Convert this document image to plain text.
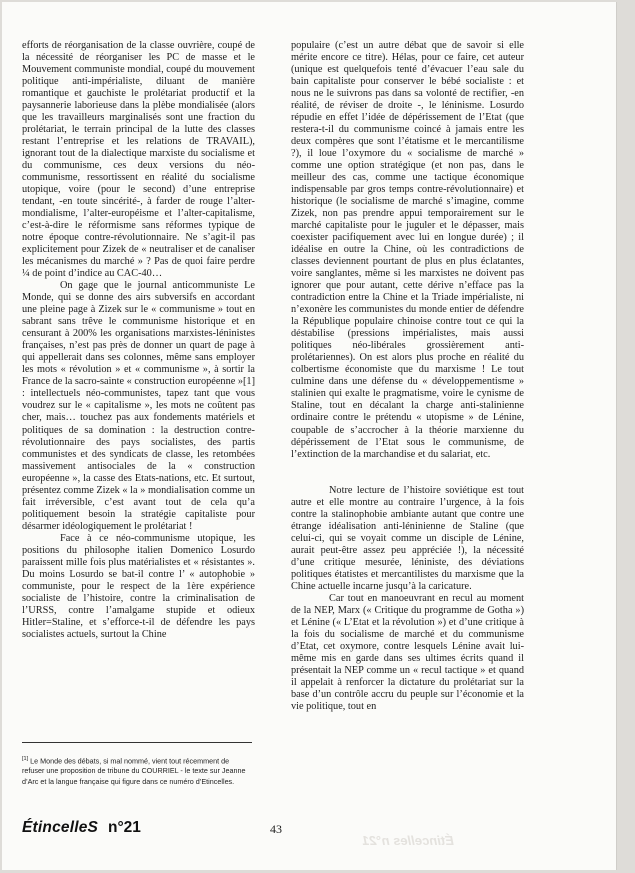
efforts de réorganisation de la classe ouvrière, coupé de la nécessité de réorganiser les PC de masse et le Mouvement communiste mondial, coupé du mouvement politique anti-impérialiste, diluant de manière romantique et gauchiste le prolétariat productif et la paysannerie laborieuse dans la plèbe mondialisée (alors que les travailleurs marginalisés sont une fraction du prolétariat, le terrain principal de la lutte des classes restant l’entreprise et les relations de TRAVAIL), ignorant tout de la dialectique marxiste du socialisme et du communisme, ces deux versions du néo-communisme, ressortissent en réalité du socialisme utopique, voire (pour le second) d’une entreprise tendant, -en toute sincérité-, à farder de rouge l’alter-mondialisme, l’alter-européisme et l’alter-capitalisme, c’est-à-dire le réformisme sans réformes typique de notre époque contre-révolutionnaire. Ne s’agit-il pas explicitement pour Zizek de « neutraliser et de canaliser les mécanismes du marché » ? Pas de quoi faire perdre ¼ de point d’indice au CAC-40…

On gage que le journal anticommuniste Le Monde, qui se donne des airs subversifs en accordant une pleine page à Zizek sur le « communisme » tout en sabrant sans trêve le communisme historique et en censurant à 200% les organisations marxistes-léninistes françaises, n’est pas près de donner un quart de page à qui appellerait dans ses colonnes, même sans employer les mots « révolution » et « communisme », à sortir la France de la sacro-sainte « construction européenne »[1] : intellectuels néo-communistes, tapez tant que vous voudrez sur le « capitalisme », les mots ne coûtent pas cher, mais… touchez pas aux fondements matériels et politiques de sa domination : la destruction contre-révolutionnaire des pays socialistes, des partis communistes et des syndicats de classe, les retombées massivement antisociales de la « construction européenne », la casse des Etats-nations, etc. Et surtout, présentez comme Zizek « la » mondialisation comme un fait irréversible, c’est avant tout de cela qu’a politiquement besoin la stratégie capitaliste pour désarmer idéologiquement le prolétariat !

Face à ce néo-communisme utopique, les positions du philosophe italien Domenico Losurdo paraissent mille fois plus matérialistes et « résistantes ». Du moins Losurdo se bat-il contre l’ « autophobie » communiste, pour le respect de la 1ère expérience socialiste de l’histoire, contre la criminalisation de l’URSS, contre l’amalgame stupide et odieux Hitler=Staline, et s’efforce-t-il de défendre les pays socialistes actuels, surtout la Chine

populaire (c’est un autre débat que de savoir si elle mérite encore ce titre). Hélas, pour ce faire, cet auteur (unique est quelquefois tenté d’évacuer l’eau sale du bain capitaliste pour conserver le bébé socialiste : et nous ne le suivrons pas dans sa volonté de rectifier, -en réalité, de réviser de droite -, le léninisme. Losurdo répudie en effet l’idée de dépérissement de l’Etat (que restera-t-il du communisme coincé à jamais entre les deux compères que sont l’étatisme et le mercantilisme ?), il loue l’oxymore du « socialisme de marché » comme une option stratégique (et non pas, dans le meilleur des cas, comme une tactique économique indispensable par gros temps contre-révolutionnaire) et historique (le socialisme de marché s’imagine, comme Zizek, non pas prendre appui temporairement sur le marché capitaliste pour le juguler et le dépasser, mais coexister pacifiquement avec lui en longue durée) ; il idéalise en outre la Chine, où les contradictions de classes deviennent pourtant de plus en plus éclatantes, voire sanglantes, même si les marxistes ne doivent pas ignorer que pour autant, cette dérive n’efface pas la contradiction entre la Chine et la Triade impérialiste, ni n’exonère les communistes du monde entier de défendre la République populaire chinoise contre tout ce qui la déstabilise (pressions impérialistes, mais aussi politiques néo-libérales grossièrement anti-prolétariennes). On est alors plus proche en réalité du colbertisme économiste que du marxisme ! Le tout culmine dans une défense du « développementisme » stalinien qui exalte le pragmatisme, voire le cynisme de Staline, tout en décalant la charge anti-stalinienne ordinaire contre le prétendu « utopisme » de Lénine, coupable de s’accrocher à la théorie marxienne du dépérissement de l’Etat sous le communisme, de l’extinction de la marchandise et du salariat, etc.

Notre lecture de l’histoire soviétique est tout autre et elle montre au contraire l’urgence, à la fois contre la stalinophobie ambiante autant que contre une étrange idéalisation anti-léninienne de Staline (que celui-ci, qui se voyait comme un disciple de Lénine, aurait peut-être assez peu appréciée !), la nécessité d’une critique mesurée, léniniste, des déviations politiques étatistes et mercantilistes du marxisme que la Chine actuelle incarne jusqu’à la caricature.

Car tout en manoeuvrant en recul au moment de la NEP, Marx (« Critique du programme de Gotha ») et Lénine (« L’Etat et la révolution ») et d’une critique à la fois du socialisme de marché et du communisme d’Etat, cet oxymore, contre lesquels Lénine avait lui-même mis en garde dans ses ultimes écrits quand il présentait la NEP comme un « recul tactique » et quand il appelait à renforcer la dictature du prolétariat sur la base d’un contrôle accru du peuple sur l’économie et la vie politique, tout en

[1] Le Monde des débats, si mal nommé, vient tout récemment de refuser une proposition de tribune du COURRIEL - le texte sur Jeanne d’Arc et la langue française qui figure dans ce numéro d’Etincelles.
ÉtincelleS n°21	43
Étincelles n°21
